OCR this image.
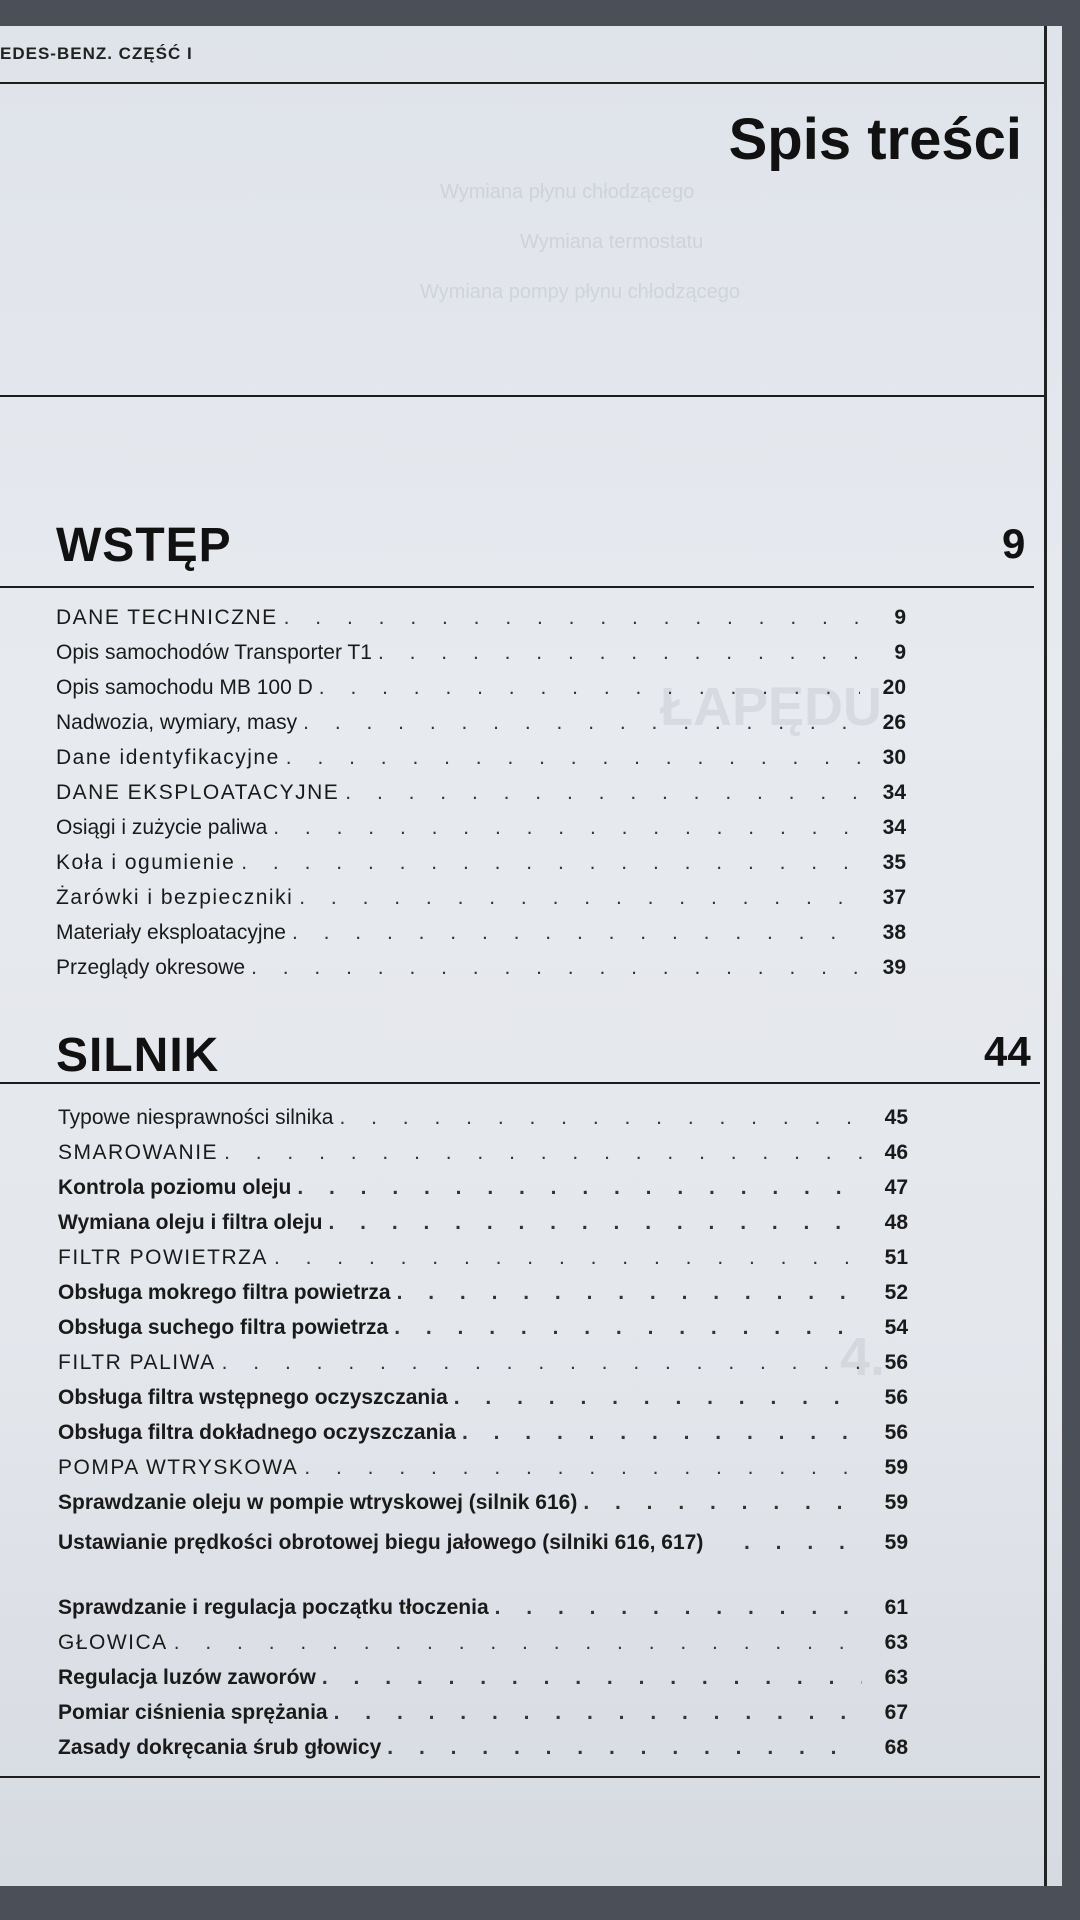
Wymiana płynu chłodzącego
Wymiana termostatu
Wymiana pompy płynu chłodzącego
ŁAPĘDU
4.
EDES-BENZ. CZĘŚĆ I
Spis treści
WSTĘP	9
DANE TECHNICZNE . . .	9
Opis samochodów Transporter T1 . . .	9
Opis samochodu MB 100 D . . .	20
Nadwozia, wymiary, masy . . .	26
Dane identyfikacyjne . . .	30
DANE EKSPLOATACYJNE . . .	34
Osiągi i zużycie paliwa . . .	34
Koła i ogumienie . . .	35
Żarówki i bezpieczniki . . .	37
Materiały eksploatacyjne . . .	38
Przeglądy okresowe . . .	39
SILNIK	44
Typowe niesprawności silnika . . .	45
SMAROWANIE . . .	46
Kontrola poziomu oleju . . .	47
Wymiana oleju i filtra oleju . . .	48
FILTR POWIETRZA . . .	51
Obsługa mokrego filtra powietrza . . .	52
Obsługa suchego filtra powietrza . . .	54
FILTR PALIWA . . .	56
Obsługa filtra wstępnego oczyszczania . . .	56
Obsługa filtra dokładnego oczyszczania . . .	56
POMPA WTRYSKOWA . . .	59
Sprawdzanie oleju w pompie wtryskowej (silnik 616) . . .	59
Ustawianie prędkości obrotowej biegu jałowego (silniki 616, 617) . . .	59
Sprawdzanie i regulacja początku tłoczenia . . .	61
GŁOWICA . . .	63
Regulacja luzów zaworów . . .	63
Pomiar ciśnienia sprężania . . .	67
Zasady dokręcania śrub głowicy . . .	68
